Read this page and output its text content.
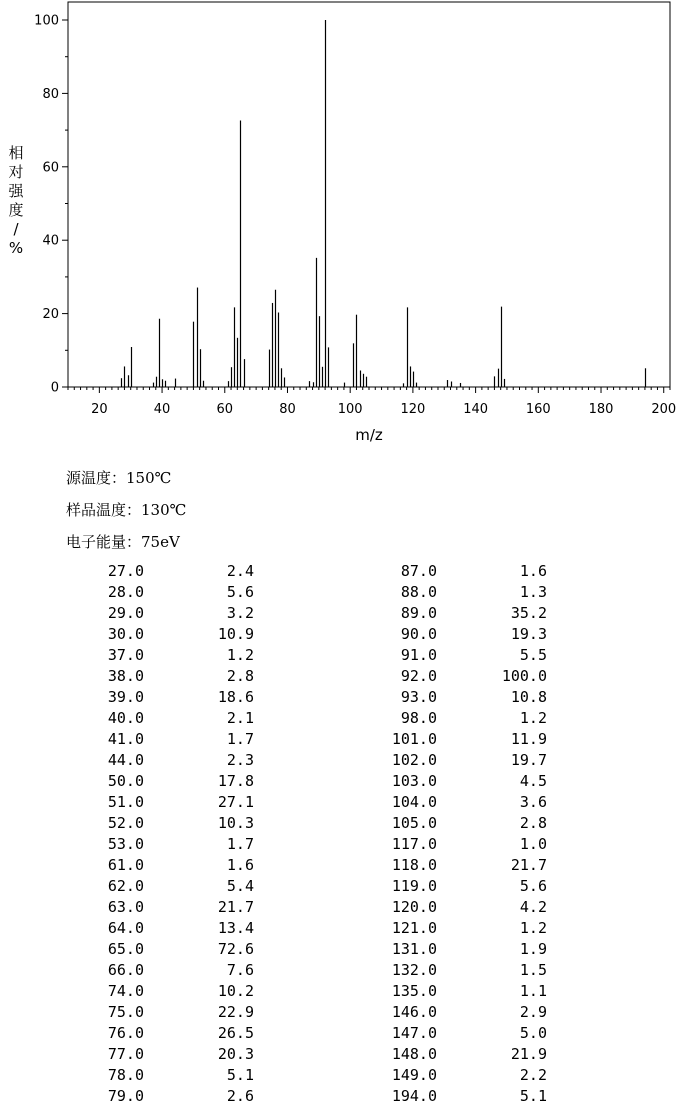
0
20
40
60
80
100
20	40	60	80	100	120	140	160	180	200
m/z
相
对
强
度
/
%
源温度：150℃
样品温度：130℃
电子能量：75eV
27.0	2.4
28.0	5.6
29.0	3.2
30.0	10.9
37.0	1.2
38.0	2.8
39.0	18.6
40.0	2.1
41.0	1.7
44.0	2.3
50.0	17.8
51.0	27.1
52.0	10.3
53.0	1.7
61.0	1.6
62.0	5.4
63.0	21.7
64.0	13.4
65.0	72.6
66.0	7.6
74.0	10.2
75.0	22.9
76.0	26.5
77.0	20.3
78.0	5.1
79.0	2.6
87.0	1.6
88.0	1.3
89.0	35.2
90.0	19.3
91.0	5.5
92.0	100.0
93.0	10.8
98.0	1.2
101.0	11.9
102.0	19.7
103.0	4.5
104.0	3.6
105.0	2.8
117.0	1.0
118.0	21.7
119.0	5.6
120.0	4.2
121.0	1.2
131.0	1.9
132.0	1.5
135.0	1.1
146.0	2.9
147.0	5.0
148.0	21.9
149.0	2.2
194.0	5.1
